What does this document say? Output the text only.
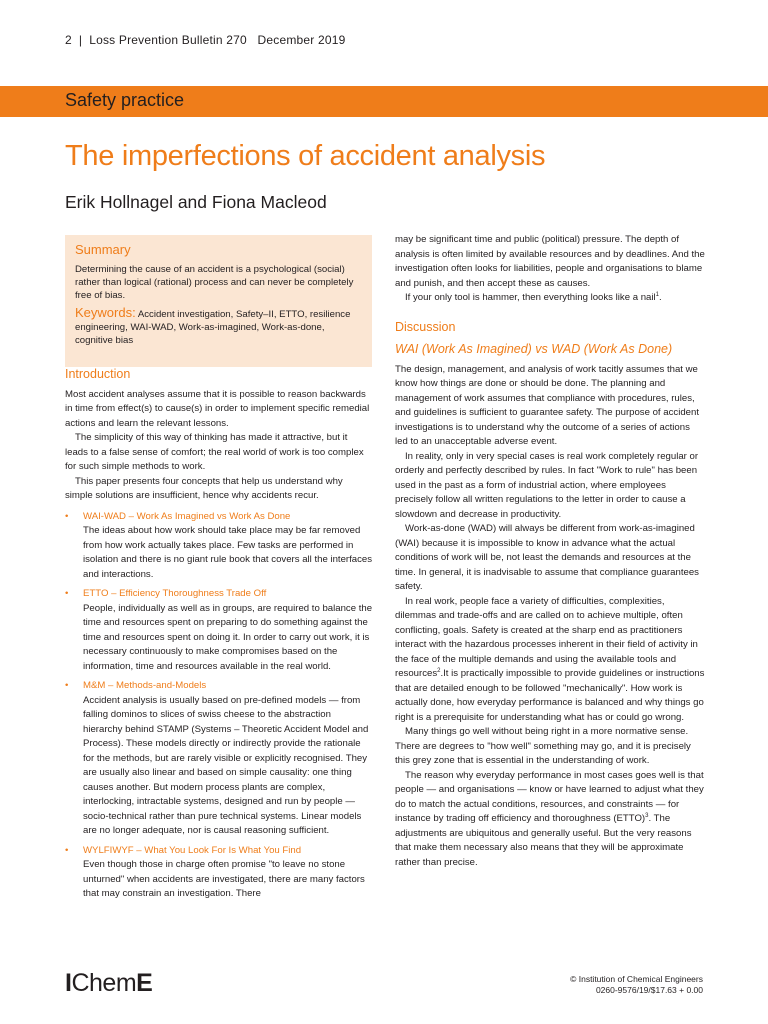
2 | Loss Prevention Bulletin 270 December 2019
Safety practice
The imperfections of accident analysis
Erik Hollnagel and Fiona Macleod
Summary

Determining the cause of an accident is a psychological (social) rather than logical (rational) process and can never be completely free of bias.

Keywords: Accident investigation, Safety–II, ETTO, resilience engineering, WAI-WAD, Work-as-imagined, Work-as-done, cognitive bias

Introduction

Most accident analyses assume that it is possible to reason backwards in time from effect(s) to cause(s) in order to implement specific remedial actions and learn the relevant lessons.

The simplicity of this way of thinking has made it attractive, but it leads to a false sense of comfort; the real world of work is too complex for such simple methods to work.

This paper presents four concepts that help us understand why simple solutions are insufficient, hence why accidents recur.

• WAI-WAD – Work As Imagined vs Work As Done

The ideas about how work should take place may be far removed from how work actually takes place. Few tasks are performed in isolation and there is no giant rule book that covers all the interfaces and interactions.

• ETTO – Efficiency Thoroughness Trade Off

People, individually as well as in groups, are required to balance the time and resources spent on preparing to do something against the time and resources spent on doing it. In order to carry out work, it is necessary continuously to make compromises based on the information, time and resources available in the real world.

• M&M – Methods-and-Models

Accident analysis is usually based on pre-defined models — from falling dominos to slices of swiss cheese to the abstraction hierarchy behind STAMP (Systems – Theoretic Accident Model and Process). These models directly or indirectly provide the rationale for the methods, but are rarely visible or explicitly recognised. They are usually also linear and based on simple causality: one thing causes another. But modern process plants are complex, interlocking, intractable systems, designed and run by people — socio-technical rather than pure technical systems. Linear models are no longer adequate, nor is causal reasoning sufficient.

• WYLFIWYF – What You Look For Is What You Find

Even though those in charge often promise "to leave no stone unturned" when accidents are investigated, there are many factors that may constrain an investigation. There

may be significant time and public (political) pressure. The depth of analysis is often limited by available resources and by deadlines. And the investigation often looks for liabilities, people and organisations to blame and punish, and then accept these as causes.

If your only tool is hammer, then everything looks like a nail$^1$.

Discussion
WAI (Work As Imagined) vs WAD (Work As Done)

The design, management, and analysis of work tacitly assumes that we know how things are done or should be done. The planning and management of work assumes that compliance with procedures, rules, and guidelines is sufficient to guarantee safety. The purpose of accident investigations is to understand why the outcome of a series of actions led to an unacceptable adverse event.

In reality, only in very special cases is real work completely regular or orderly and perfectly described by rules. In fact "Work to rule" has been used in the past as a form of industrial action, where employees precisely follow all written regulations to the letter in order to cause a slowdown and decrease in productivity.

Work-as-done (WAD) will always be different from work-as-imagined (WAI) because it is impossible to know in advance what the actual conditions of work will be, not least the demands and resources at the time. In general, it is inadvisable to assume that compliance guarantees safety.

In real work, people face a variety of difficulties, complexities, dilemmas and trade-offs and are called on to achieve multiple, often conflicting, goals. Safety is created at the sharp end as practitioners interact with the hazardous processes inherent in their field of activity in the face of the multiple demands and using the available tools and resources$^2$.It is practically impossible to provide guidelines or instructions that are detailed enough to be followed "mechanically". How work is actually done, how everyday performance is balanced and why things go right is a prerequisite for understanding what has or could go wrong.

Many things go well without being right in a more normative sense. There are degrees to "how well" something may go, and it is precisely this grey zone that is essential in the understanding of work.

The reason why everyday performance in most cases goes well is that people — and organisations — know or have learned to adjust what they do to match the actual conditions, resources, and constraints — for instance by trading off efficiency and thoroughness (ETTO)$^3$. The adjustments are ubiquitous and generally useful. But the very reasons that make them necessary also means that they will be approximate rather than precise.

IChemE	© Institution of Chemical Engineers
0260-9576/19/$17.63 + 0.00
